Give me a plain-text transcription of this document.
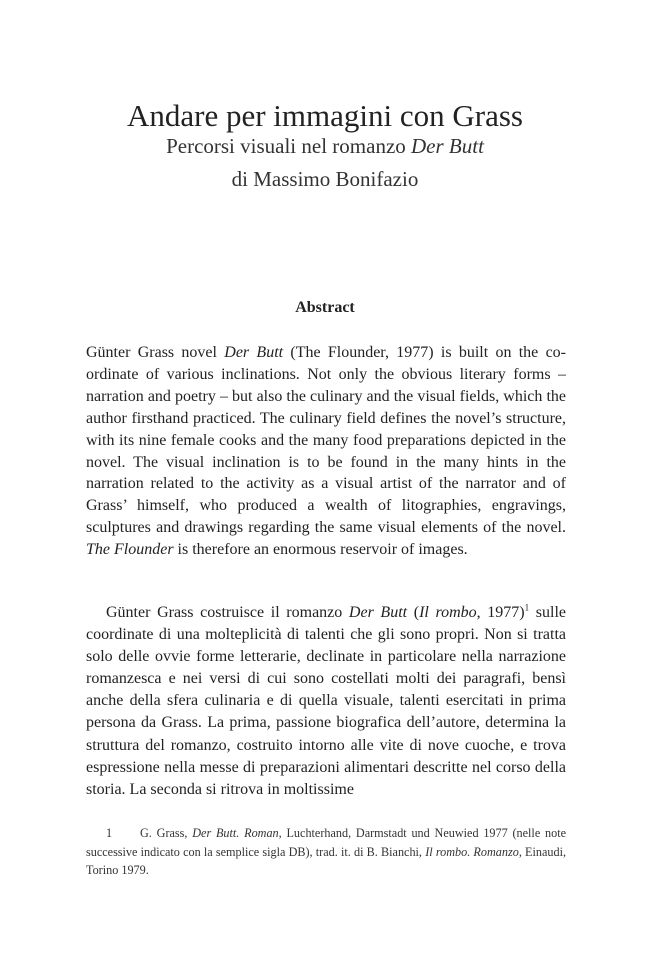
Andare per immagini con Grass

Percorsi visuali nel romanzo Der Butt

di Massimo Bonifazio

Abstract

Günter Grass novel Der Butt (The Flounder, 1977) is built on the coordinate of various inclinations. Not only the obvious literary forms – narration and poetry – but also the culinary and the visual fields, which the author firsthand practiced. The culinary field defines the novel’s structure, with its nine female cooks and the many food preparations depicted in the novel. The visual inclination is to be found in the many hints in the narration related to the activity as a visual artist of the narrator and of Grass’ himself, who produced a wealth of litographies, engravings, sculptures and drawings regarding the same visual elements of the novel. The Flounder is therefore an enormous reservoir of images.

Günter Grass costruisce il romanzo Der Butt (Il rombo, 1977)$^1$ sulle coordinate di una molteplicità di talenti che gli sono propri. Non si tratta solo delle ovvie forme letterarie, declinate in particolare nella narrazione romanzesca e nei versi di cui sono costellati molti dei paragrafi, bensì anche della sfera culinaria e di quella visuale, talenti esercitati in prima persona da Grass. La prima, passione biografica dell’autore, determina la struttura del romanzo, costruito intorno alle vite di nove cuoche, e trova espressione nella messe di preparazioni alimentari descritte nel corso della storia. La seconda si ritrova in moltissime

1 G. Grass, Der Butt. Roman, Luchterhand, Darmstadt und Neuwied 1977 (nelle note successive indicato con la semplice sigla DB), trad. it. di B. Bianchi, Il rombo. Romanzo, Einaudi, Torino 1979.
